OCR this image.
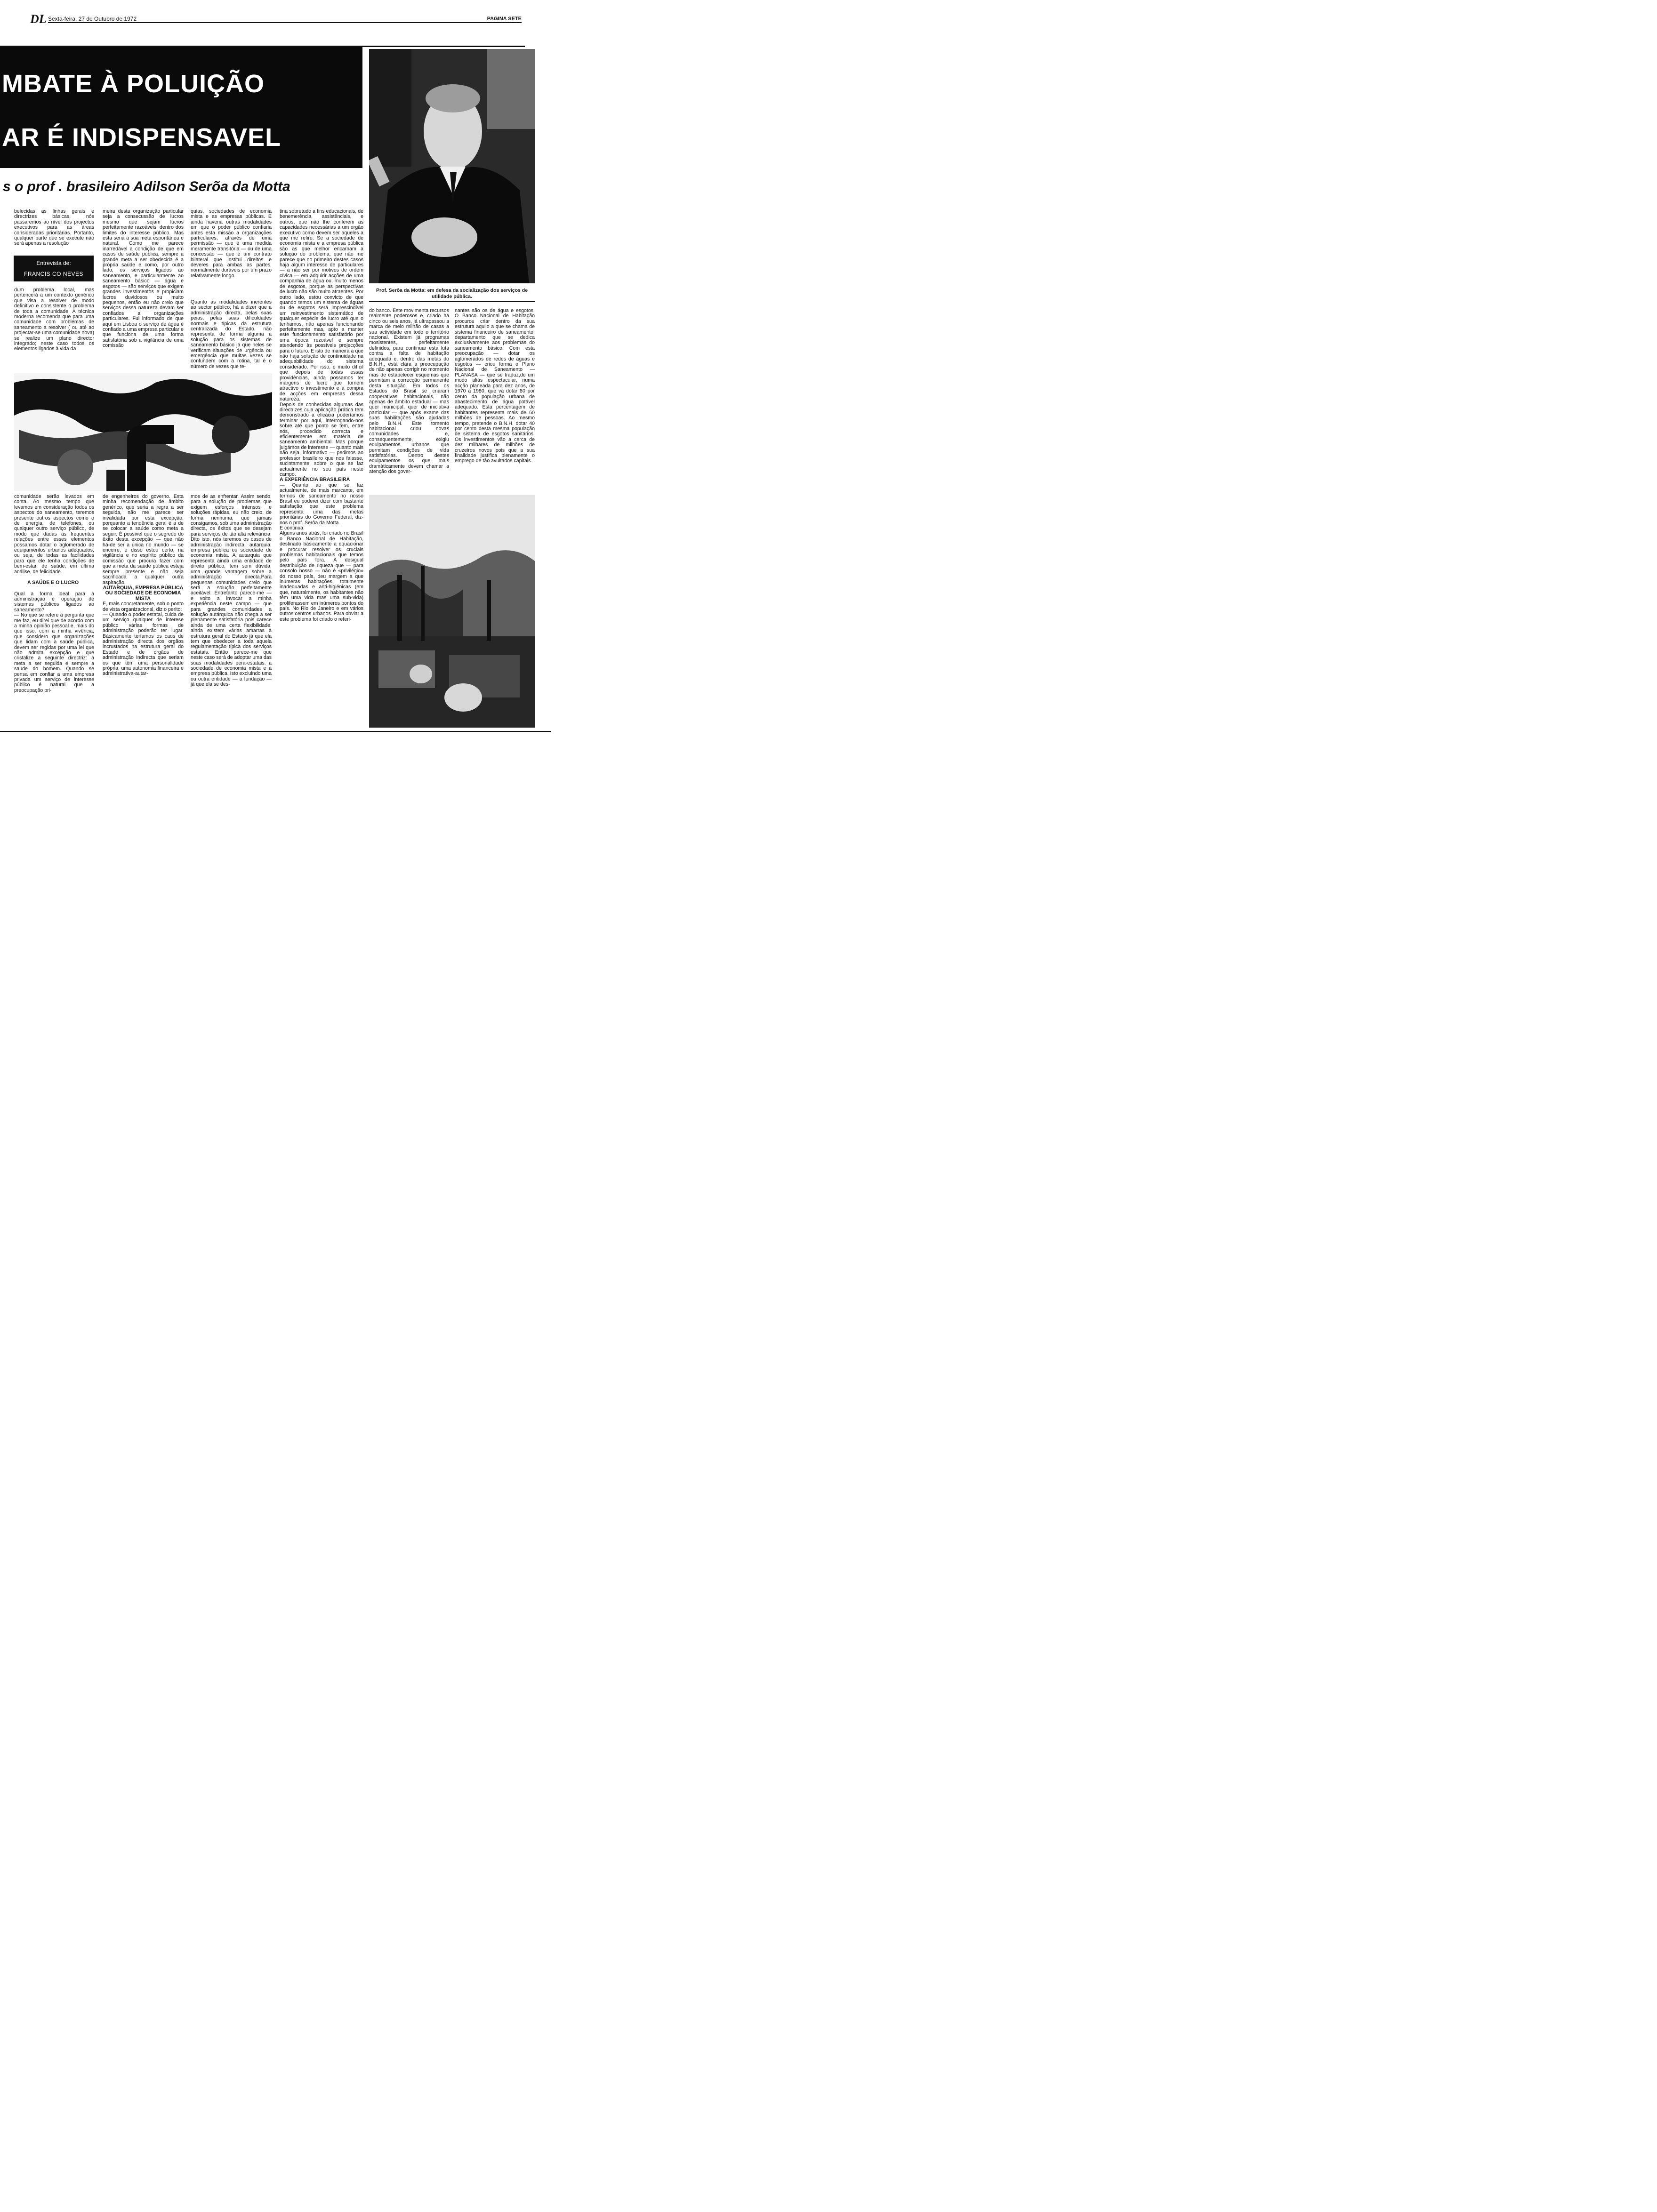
DL Sexta-feira, 27 de Outubro de 1972	PAGINA SETE
MBATE À POLUIÇÃO
AR É INDISPENSAVEL
s o prof . brasileiro Adilson Serõa da Motta
Prof. Serôa da Motta: em defesa da socialização dos serviços de utilidade pública.
Entrevista de:
FRANCIS CO NEVES
belecidas as linhas gerais e directrizes básicas, nós passaremos ao nível dos projectos executivos para as áreas consideradas prioritárias. Portanto, qualquer parte que se execute não será apenas a resolução
dum problema local, mas pertencerá a um contexto genérico que visa a resolver de modo definitivo e consistente o problema de toda a comunidade. A técnica moderna recomenda que para uma comunidade com problemas de saneamento a resolver ( ou até ao projectar-se uma comunidade nova) se realize um plano director integrado; neste caso todos os elementos ligados à vida da
meira desta organização particular seja a consecussão de lucros mesmo que sejam lucros perfeitamente razoáveis, dentro dos limites do interesse público. Mas esta seria a sua meta espontânea e natural. Como me parece inarredável a condição de que em casos de saúde pública, sempre a grande meta a ser obedecida é a própria saúde e como, por outro lado, os serviços ligados ao saneamento, e particularmente ao saneamento básico — água e esgotos — são serviços que exigem grandes investimentos e propiciam lucros duvidosos ou muito pequenos, então eu não creio que serviços dessa natureza devam ser confiados a organizações particulares. Fui informado de que aqui em Lisboa o serviço de água é confiado a uma empresa particular e que funciona de uma forma satisfatória sob a vigilância de uma comissão
quias, sociedades de economia mista e as empresas públicas. E ainda haveria outras modalidades em que o poder público confiaria antes esta missão a organizações particulares, através de uma permissão — que é uma medida meramente transitória — ou de uma concessão — que é um contrato bilateral que institui direitos e deveres para ambas as partes, normalmente duráveis por um prazo relativamente longo.
Quanto às modalidades inerentes ao sector público, há a dizer que a administração directa, pelas suas peias, pelas suas dificuldades normais e típicas da estrutura centralizada do Estado, não representa de forma alguma a solução para os sistemas de saneamento básico já que neles se verificam situações de urgência ou emergência que muitas vezes se confundem com a rotina, tal é o número de vezes que te-

tina sobretudo a fins educacionais, de benemerência, assistênciais, e outros, que não lhe conferem as capacidades necessárias a um orgão executivo como devem ser aqueles a que me refiro. Se a sociedade de economia mista e a empresa pública são as que melhor encarnam a solução do problema, que não me parece que no primeiro destes casos haja algum interesse de particulares — a não ser por motivos de ordem cívica — em adquirir acções de uma companhia de água ou, muito menos de esgotos, porque as perspectivas de lucro não são muito atraentes. Por outro lado, estou convicto de que quando temos um sistema de águas ou de esgotos será imprescindível um reinvestimento sistemático de qualquer espécie de lucro até que o tenhamos, não apenas funcionando perfeitamente mas, apto a manter este funcionamento satisfatório por uma época rezoável e sempre atendendo às possíveis projecções para o futuro. E isto de maneira a que não haja solução de continuidade na adequabilidade do sistema considerado. Por isso, é muito difícil que depois de todas essas providências, ainda possamos ter margens de lucro que tornem atractivo o investimento e a compra de acções em empresas dessa natureza.

Depois de conhecidas algumas das directrizes cuja aplicação prática tem demonstrado a eficácia poderíamos terminar por aqui, interrogando-nos sobre até que ponto se tem, entre nós, procedido correcta e eficientemente em matéria de saneamento ambiental. Mas porque julgámos de interesse — quanto mais não seja, informativo — pedimos ao professor brasileiro que nos falasse, sucintamente, sobre o que se faz actualmente no seu país neste campo.

A EXPERIÊNCIA BRASILEIRA

— Quanto ao que se faz actualmente, de mais marcante, em termos de saneamento no nosso Brasil eu poderei dizer com bastante satisfação que este problema representa uma das metas prioritárias do Governo Federal, diz-nos o prof. Serôa da Motta.

E continua:

Alguns anos atrás, foi criado no Brasil o Banco Nacional de Habitação, destinado básicamente a equacionar e procurar resolver os cruciais problemas habitacionais que temos pelo país fora. A desigual destribuição de riqueza que — para consolo nosso — não é «privilégio» do nosso país, deu margem a que inúmeras habitações totalmente inadequadas e anti-higiénicas (em que, naturalmente, os habitantes não têm uma vida mas uma sub-vida) proliferassem em inúmeros pontos do país. No Rio de Janeiro e em vários outros centros urbanos. Para obviar a este problema foi criado o referi-

do banco. Este movimenta recursos realmente poderosos e, criado há cinco ou seis anos, já ultrapassou a marca de meio milhão de casas a sua actividade em todo o território nacional. Existem já programas mosistentes, perfeitamente definidos, para continuar esta luta contra a falta de habitação adequada e, dentro das metas do B.N.H., está clara a preocupação de não apenas corrigir no momento mas de estabelecer esquemas que permitam a correcção permanente desta situação. Em todos os Estados do Brasil se criaram cooperativas habitacionais, não apenas de âmbito estadual — mas quer municipal, quer de iniciativa particular — que após exame das suas habilitações são ajudadas pelo B.N.H. Este tomento habitacional criou novas comunidades e, consequentemente, exigiu equipamentos urbanos que permitam condições de vida satisfatórias. Dentro destes equipamentos os que mais dramàticamente devem chamar a atenção dos gover-
nantes são os de água e esgotos. O Banco Nacional de Habitação procurou criar dentro da sua estrutura aquilo a que se chama de sistema financeiro de saneamento, departamento que se dedica exclusivamente aos problemas do saneamento básico. Com esta preocupação — dotar os aglomerados de redes de águas e esgotos — criou forma o Plano Nacional de Saneamento — PLANASA — que se traduz,de um modo aliás espectacular, numa acção planeada para dez anos, de 1970 a 1980, que vá dotar 80 por cento da população urbana de abastecimento de água potável adequado. Esta percentagem de habitantes representa mais de 60 milhões de pessoas. Ao mesmo tempo, pretende o B.N.H. dotar 40 por cento desta mesma população de sistema de esgotos sanitários. Os investimentos vão a cerca de dez milhares de milhões de cruzeiros novos pois que a sua finalidade justifica plenamente o emprego de tão avultados capitais.

comunidade serão levados em conta. Ao mesmo tempo que levamos em consideração todos os aspectos do saneamento, teremos presente outros aspectos como o de energia, de telefones, ou qualquer outro serviço público, de modo que dadas as frequentes relações entre esses elementos possamos dotar o aglomerado de equipamentos urbanos adequados, ou seja, de todas as facilidades para que ele tenha condições de bem-estar, de saúde, em última análise, de felicidade.

A SAÚDE E O LUCRO

Qual a forma ideal para a administração e operação de sistemas públicos ligados ao saneamento?

— No que se refere à pergunta que me faz, eu direi que de acordo com a minha opinião pessoal e, mais do que isso, com a minha vivência, que considero que organizações que lidam com a saúde pública, devem ser regidas por uma lei que não admita excepção e que cristalize a seguinte directriz: a meta a ser seguida é sempre a saúde do homem. Quando se pensa em confiar a uma empresa privada um serviço de interesse público é natural que a preocupação pri-

de engenheiros do governo. Esta minha recomendação de âmbito genérico, que seria a regra a ser seguida, não me parece ser invalidada por esta excepção, porquanto a tendência geral é a de se colocar a saúde como meta a seguir. É possível que o segredo do êxito desta excepção — que não há-de ser a única no mundo — se encerre, e disso estou certo, na vigilância e no espírito público da comissão que procura fazer com que a meta da saúde pública esteja sempre presente e não seja sacrificada a qualquer outra aspiração.

AUTARQUIA, EMPRESA PÚBLICA OU SOCIEDADE DE ECONOMIA MISTA

E, mais concretamente, sob o ponto de vista organizacional, diz o perito:

— Quando o poder estatal, cuida de um serviço qualquer de interese público várias formas de administração poderão ter lugar. Básicamente teríamos os caos de administração directa dos orgãos incrustados na estrutura geral do Estado e de orgãos de administração indirecta que seriam os que têm uma personalidade própria, uma autonomia financeira e administrativa-autar-

mos de as enfrentar. Assim sendo, para a solução de problemas que exigem esforços intensos e soluções rápidas, eu não creio, de forma nenhuma, que jamais consigamos, sob uma administração directa, os êxitos que se desejam para serviços de tão alta relevância. Dito isto, nós teremos os casos de administração indirecta: autarquia, empresa pública ou sociedade de economia mista. A autarquia que representa ainda uma entidade de direito público, tem sem dúvida, uma grande vantagem sobre a administração directa.Para pequenas comunidades creio que será a solução perfeitamente aceitável. Entretanto parece-me — e volto a invocar a minha experiência neste campo — que para grandes comunidades a solução autárquica não chega a ser plenamente satisfatória pois carece ainda de uma certa flexibilidade: ainda existem várias amarras à estrutura geral do Estado já que ela tem que obedecer a toda aquela regulamentação típica dos serviços estatais. Então parece-me que neste caso será de adoptar uma das suas modalidades pera-estatais: a sociedade de economia mista e a empresa pública. Isto excluindo uma ou outra entidade — a fundação — já que ela se des-
